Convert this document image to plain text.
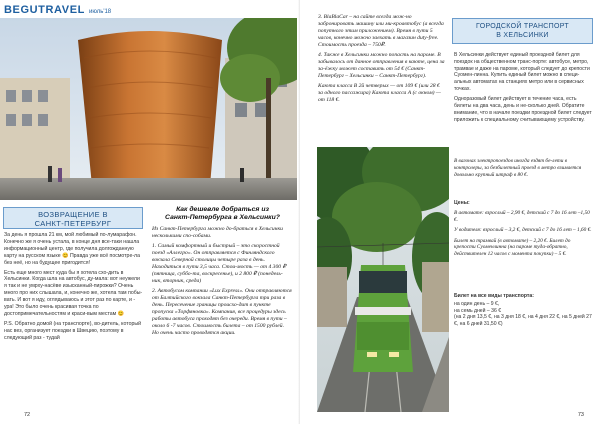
BEGUTRAVEL июль'18
ВОЗВРАЩЕНИЕ В
САНКТ-ПЕТЕРБУРГ

За день я прошла 21 км, мой любимый по-лумарафон. Конечно же я очень устала, в конце дня все-таки нашла информационный центр, где получила долгожданную карту на русском языке 😊 Правда уже всё посмотре-ла без неё, но на будущее пригодится!

Есть еще много мест куда бы я хотела схо-дить в Хельсинки. Когда шла на автобус, ду-мала: вот неужели я так и не умрху-насёве изысканный-пирожки? Очень много про них слышала, и, конечно же, хотела там побы-вать. И вот я иду, оглядываюсь и этот раз по карте, и - ура! Это было очень красивая точка по достопримечательностям и краси-вым местам 😊

P.S. Обратно домой (на транспорте), во-дитель, который нас вез, организует поездки в Швецию, поэтому в следующий раз - тудай

Как дешевле добраться из
Санкт-Петербурга в Хельсинки?

Из Санкт-Петербурга можно до-браться в Хельсинки несколькими спо-собами.

1. Самый комфортный и быстрый – это скоростной поезд «Аллегро». Он отправляется с Финляндского вокзала Северной столицы четыре раза в день. Находиться в пути 3,5 часа. Стои-мость — от 4 300 ₽ (пятница, суббо-та, воскресенье), и 2 800 ₽ (понедель-ник, вторник, среда)

2. Автобусом компании «Lux Express». Они отправляются от Балтийского вокзала Санкт-Петербурга три раза в день. Пересечение границы происхо-дит в пункте пропуска «Торфяновка». Компания, все процедуры здесь работы автобуса проходят без очереди. Время в пути – около 6 -7 часов. Стоимость билета – от 1500 рублей. Но очень часто проводятся акции.

72

3. BlaBlaCar – на сайте всегда мож-но забронировать машину или ми-кроавтобус (а всегда попутного этим приложением). Время в пути 5 часов, конечно можно заехать в магазин duty-free. Стоимость проезда – 750₽.

4. Также в Хельсинки можно попасть на пароме. В забывалось от данное отправления в каюте, цена за за-ёжку может составить от 54 € (Санкт-Петербург – Хельсинки – Санкт-Петербург).

Каюта класса В 2й четверых — от 109 € (или 28 € за одного пассажира) Каюта класса А (с окном) — от 118 €.

ГОРОДСКОЙ ТРАНСПОРТ
В ХЕЛЬСИНКИ

В Хельсинки действует единый проездной билет для поездок на общественном транс-порте: автобусе, метро, трамвае и даже на пароме, который следует до крепости Суомен-линна. Купить единый билет можно в специ-альных автоматах на станциях метро или в сервисных точках.

Одноразовый билет действует в течение часа, есть билеты на два часа, день и не-сколько дней. Обратите внимание, что в начале поездки проездной билет следует приложить к специальному считывающему устройству.

В вагонах электропоездов иногда ездят бе-лети в контролеры, за безбилетный проезд в метро взимается довольно крупный штраф в 80 €.

Цены:

В автомате: взрослый – 2,90 €, детский с 7 до 16 лет –1,50 €.

У водителя: взрослый – 3,2 €, детский с 7 до 16 лет – 1,60 €.

Билет на трамвай (в автомате) – 2,20 €. Билет до крепости Суоменлинна (на пароме туда-обратно, действителен 12 часов с момента покупки) – 5 €.

Билет на все виды транспорта:

на один день – 9 €,
на семь дней – 36 €
(на 2 дня 13,5 €, на 3 дня 18 €, на 4 дня 22 €, на 5 дней 27 €, на 6 дней 31,50 €)
73
